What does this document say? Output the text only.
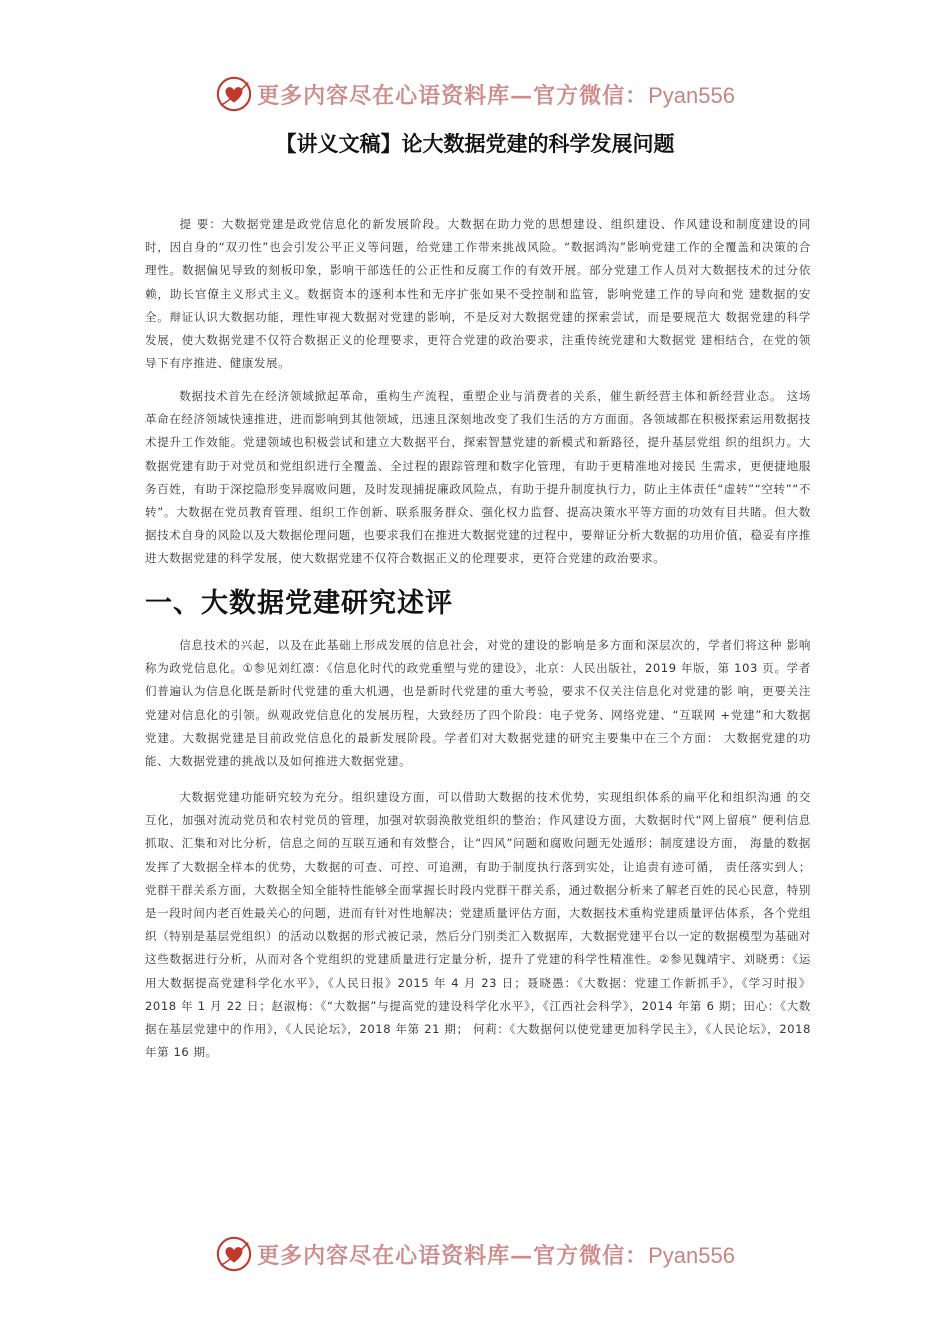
更多内容尽在心语资料库—官方微信：Pyan556
【讲义文稿】论大数据党建的科学发展问题
提 要：大数据党建是政党信息化的新发展阶段。大数据在助力党的思想建设、组织建设、作风建设和制度建设的同时，因自身的“双刃性”也会引发公平正义等问题，给党建工作带来挑战风险。“数据鸿沟”影响党建工作的全覆盖和决策的合理性。数据偏见导致的刻板印象，影响干部选任的公正性和反腐工作的有效开展。部分党建工作人员对大数据技术的过分依赖，助长官僚主义形式主义。数据资本的逐利本性和无序扩张如果不受控制和监管，影响党建工作的导向和党 建数据的安全。辩证认识大数据功能，理性审视大数据对党建的影响，不是反对大数据党建的探索尝试，而是要规范大 数据党建的科学发展，使大数据党建不仅符合数据正义的伦理要求，更符合党建的政治要求，注重传统党建和大数据党 建相结合，在党的领导下有序推进、健康发展。
数据技术首先在经济领域掀起革命，重构生产流程，重塑企业与消费者的关系，催生新经营主体和新经营业态。 这场革命在经济领域快速推进，进而影响到其他领域，迅速且深刻地改变了我们生活的方方面面。各领域都在积极探索运用数据技术提升工作效能。党建领域也积极尝试和建立大数据平台，探索智慧党建的新模式和新路径，提升基层党组 织的组织力。大数据党建有助于对党员和党组织进行全覆盖、全过程的跟踪管理和数字化管理，有助于更精准地对接民 生需求，更便捷地服务百姓，有助于深挖隐形变异腐败问题，及时发现捕捉廉政风险点，有助于提升制度执行力，防止主体责任“虚转”“空转”“不转”。大数据在党员教育管理、组织工作创新、联系服务群众、强化权力监督、提高决策水平等方面的功效有目共睹。但大数据技术自身的风险以及大数据伦理问题，也要求我们在推进大数据党建的过程中，要辩证分析大数据的功用价值，稳妥有序推进大数据党建的科学发展，使大数据党建不仅符合数据正义的伦理要求，更符合党建的政治要求。
一、大数据党建研究述评
信息技术的兴起，以及在此基础上形成发展的信息社会，对党的建设的影响是多方面和深层次的，学者们将这种 影响称为政党信息化。①参见刘红凛：《信息化时代的政党重塑与党的建设》，北京：人民出版社，2019 年版，第 103 页。学者们普遍认为信息化既是新时代党建的重大机遇，也是新时代党建的重大考验，要求不仅关注信息化对党建的影 响，更要关注党建对信息化的引领。纵观政党信息化的发展历程，大致经历了四个阶段：电子党务、网络党建、“互联网 +党建”和大数据党建。大数据党建是目前政党信息化的最新发展阶段。学者们对大数据党建的研究主要集中在三个方面： 大数据党建的功能、大数据党建的挑战以及如何推进大数据党建。
大数据党建功能研究较为充分。组织建设方面，可以借助大数据的技术优势，实现组织体系的扁平化和组织沟通 的交互化，加强对流动党员和农村党员的管理，加强对软弱涣散党组织的整治；作风建设方面，大数据时代“网上留痕” 便利信息抓取、汇集和对比分析，信息之间的互联互通和有效整合，让“四风”问题和腐败问题无处遁形；制度建设方面， 海量的数据发挥了大数据全样本的优势，大数据的可查、可控、可追溯，有助于制度执行落到实处，让追责有迹可循， 责任落实到人；党群干群关系方面，大数据全知全能特性能够全面掌握长时段内党群干群关系，通过数据分析来了解老百姓的民心民意，特别是一段时间内老百姓最关心的问题，进而有针对性地解决；党建质量评估方面，大数据技术重构党建质量评估体系，各个党组织（特别是基层党组织）的活动以数据的形式被记录，然后分门别类汇入数据库，大数据党建平台以一定的数据模型为基础对这些数据进行分析，从而对各个党组织的党建质量进行定量分析，提升了党建的科学性精准性。②参见魏靖宇、刘晓勇：《运用大数据提高党建科学化水平》，《人民日报》2015 年 4 月 23 日；聂晓愚：《大数据：党建工作新抓手》，《学习时报》2018 年 1 月 22 日；赵淑梅：《“大数据”与提高党的建设科学化水平》，《江西社会科学》，2014 年第 6 期；田心：《大数据在基层党建中的作用》，《人民论坛》，2018 年第 21 期； 何莉：《大数据何以使党建更加科学民主》，《人民论坛》，2018 年第 16 期。
更多内容尽在心语资料库—官方微信：Pyan556
